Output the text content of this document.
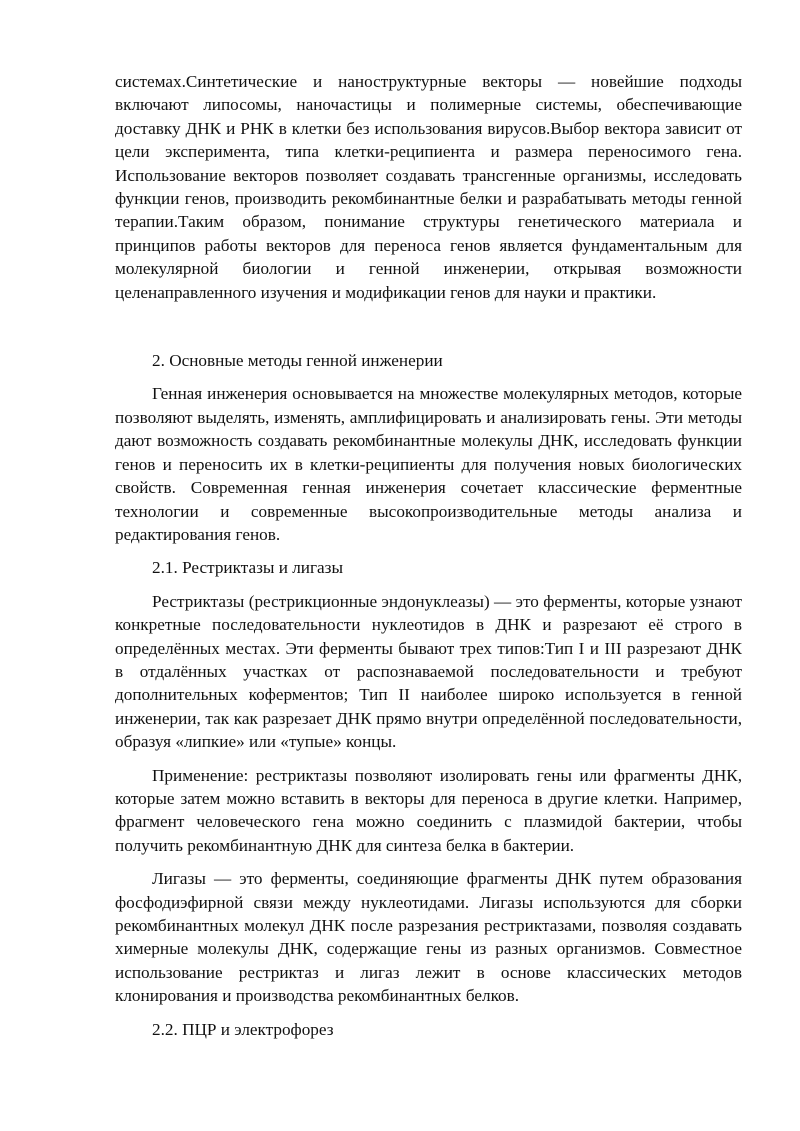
системах.Синтетические и наноструктурные векторы — новейшие подходы включают липосомы, наночастицы и полимерные системы, обеспечивающие доставку ДНК и РНК в клетки без использования вирусов.Выбор вектора зависит от цели эксперимента, типа клетки-реципиента и размера переносимого гена. Использование векторов позволяет создавать трансгенные организмы, исследовать функции генов, производить рекомбинантные белки и разрабатывать методы генной терапии.Таким образом, понимание структуры генетического материала и принципов работы векторов для переноса генов является фундаментальным для молекулярной биологии и генной инженерии, открывая возможности целенаправленного изучения и модификации генов для науки и практики.

2. Основные методы генной инженерии

Генная инженерия основывается на множестве молекулярных методов, которые позволяют выделять, изменять, амплифицировать и анализировать гены. Эти методы дают возможность создавать рекомбинантные молекулы ДНК, исследовать функции генов и переносить их в клетки-реципиенты для получения новых биологических свойств. Современная генная инженерия сочетает классические ферментные технологии и современные высокопроизводительные методы анализа и редактирования генов.

2.1. Рестриктазы и лигазы

Рестриктазы (рестрикционные эндонуклеазы) — это ферменты, которые узнают конкретные последовательности нуклеотидов в ДНК и разрезают её строго в определённых местах. Эти ферменты бывают трех типов:Тип I и III разрезают ДНК в отдалённых участках от распознаваемой последовательности и требуют дополнительных коферментов; Тип II наиболее широко используется в генной инженерии, так как разрезает ДНК прямо внутри определённой последовательности, образуя «липкие» или «тупые» концы.

Применение: рестриктазы позволяют изолировать гены или фрагменты ДНК, которые затем можно вставить в векторы для переноса в другие клетки. Например, фрагмент человеческого гена можно соединить с плазмидой бактерии, чтобы получить рекомбинантную ДНК для синтеза белка в бактерии.

Лигазы — это ферменты, соединяющие фрагменты ДНК путем образования фосфодиэфирной связи между нуклеотидами. Лигазы используются для сборки рекомбинантных молекул ДНК после разрезания рестриктазами, позволяя создавать химерные молекулы ДНК, содержащие гены из разных организмов. Совместное использование рестриктаз и лигаз лежит в основе классических методов клонирования и производства рекомбинантных белков.

2.2. ПЦР и электрофорез
